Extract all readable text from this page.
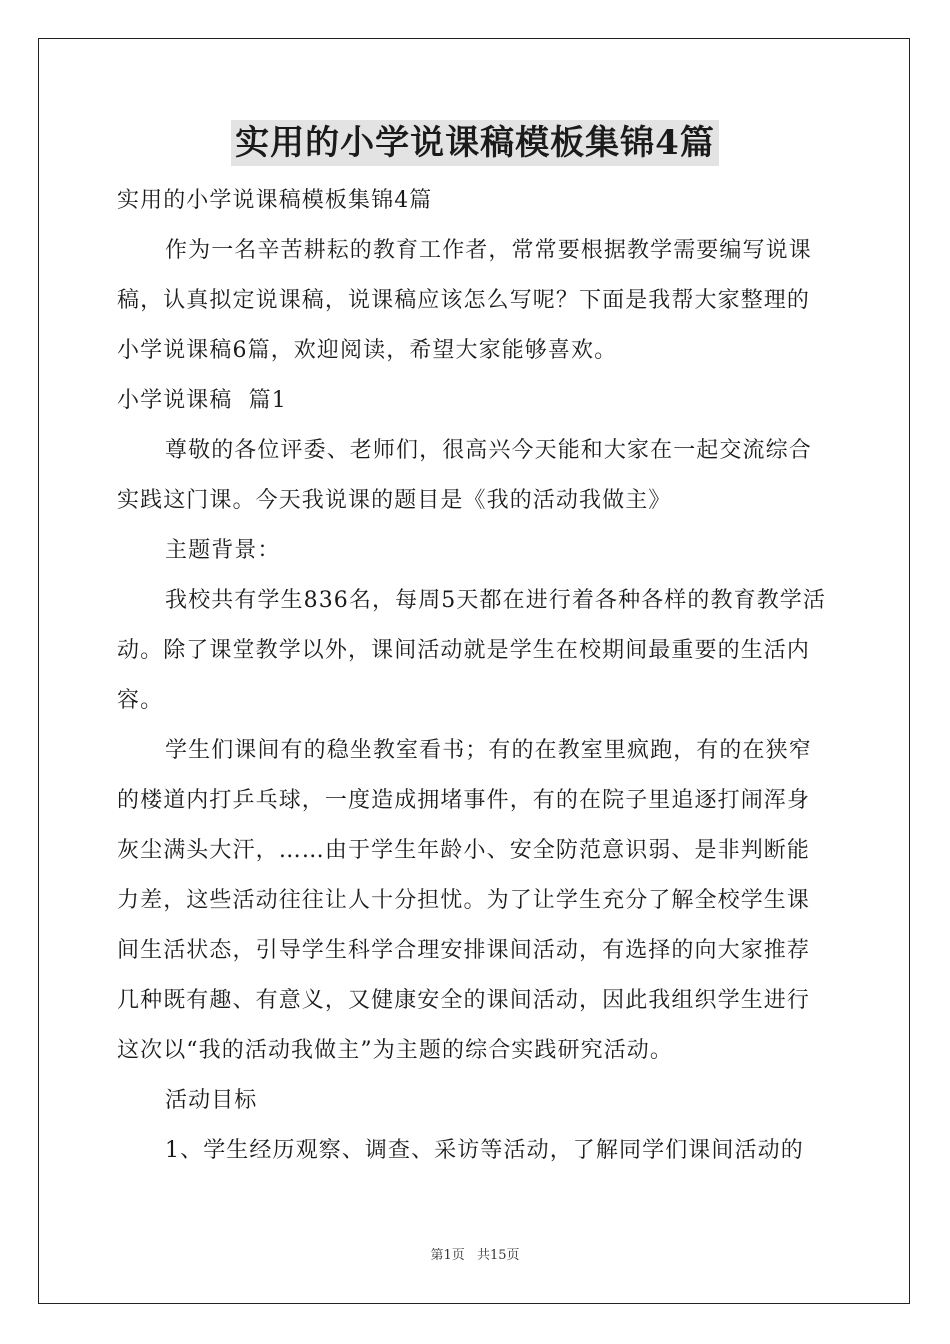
实用的小学说课稿模板集锦4篇

实用的小学说课稿模板集锦4篇

作为一名辛苦耕耘的教育工作者，常常要根据教学需要编写说课稿，认真拟定说课稿，说课稿应该怎么写呢？下面是我帮大家整理的小学说课稿6篇，欢迎阅读，希望大家能够喜欢。

小学说课稿  篇1

尊敬的各位评委、老师们，很高兴今天能和大家在一起交流综合实践这门课。今天我说课的题目是《我的活动我做主》

主题背景：

我校共有学生836名，每周5天都在进行着各种各样的教育教学活动。除了课堂教学以外，课间活动就是学生在校期间最重要的生活内容。

学生们课间有的稳坐教室看书；有的在教室里疯跑，有的在狭窄的楼道内打乒乓球，一度造成拥堵事件，有的在院子里追逐打闹浑身灰尘满头大汗，……由于学生年龄小、安全防范意识弱、是非判断能力差，这些活动往往让人十分担忧。为了让学生充分了解全校学生课间生活状态，引导学生科学合理安排课间活动，有选择的向大家推荐几种既有趣、有意义，又健康安全的课间活动，因此我组织学生进行这次以“我的活动我做主”为主题的综合实践研究活动。

活动目标

1、学生经历观察、调查、采访等活动，了解同学们课间活动的

第1页 共15页
